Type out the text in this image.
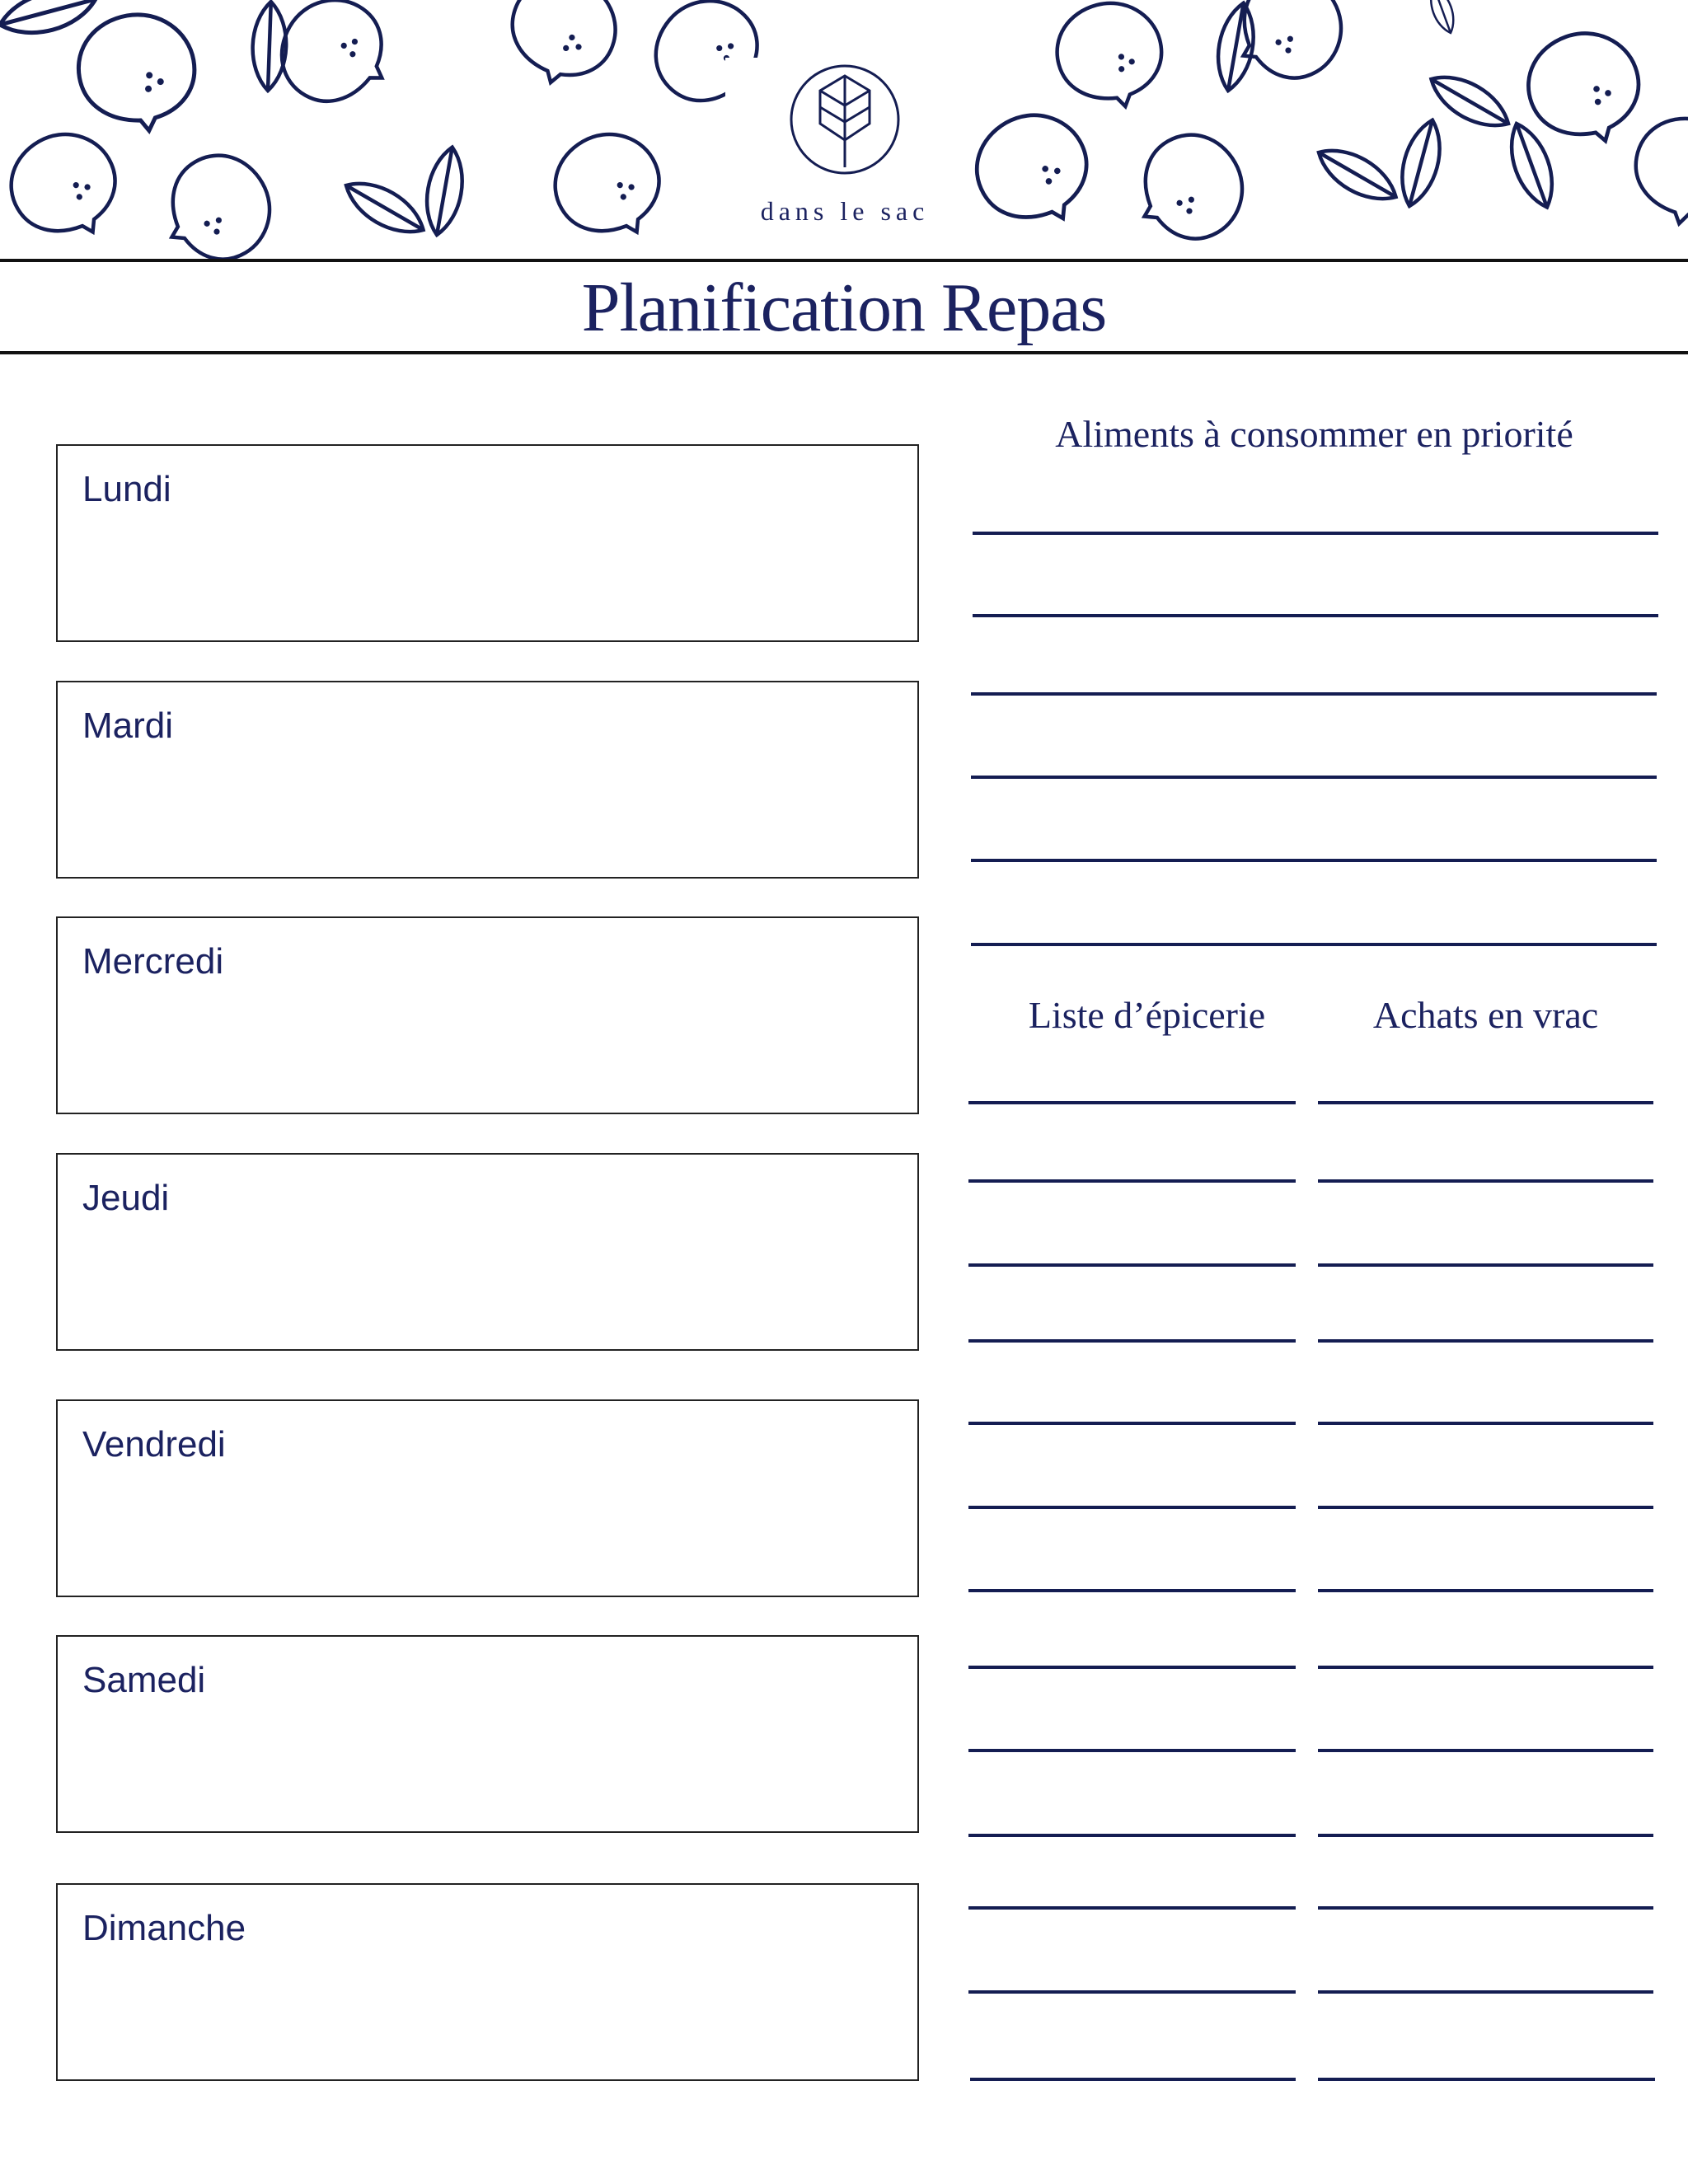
dans le sac
Planification Repas
Lundi
Mardi
Mercredi
Jeudi
Vendredi
Samedi
Dimanche
Aliments à consommer en priorité
Liste d’épicerie	Achats en vrac
